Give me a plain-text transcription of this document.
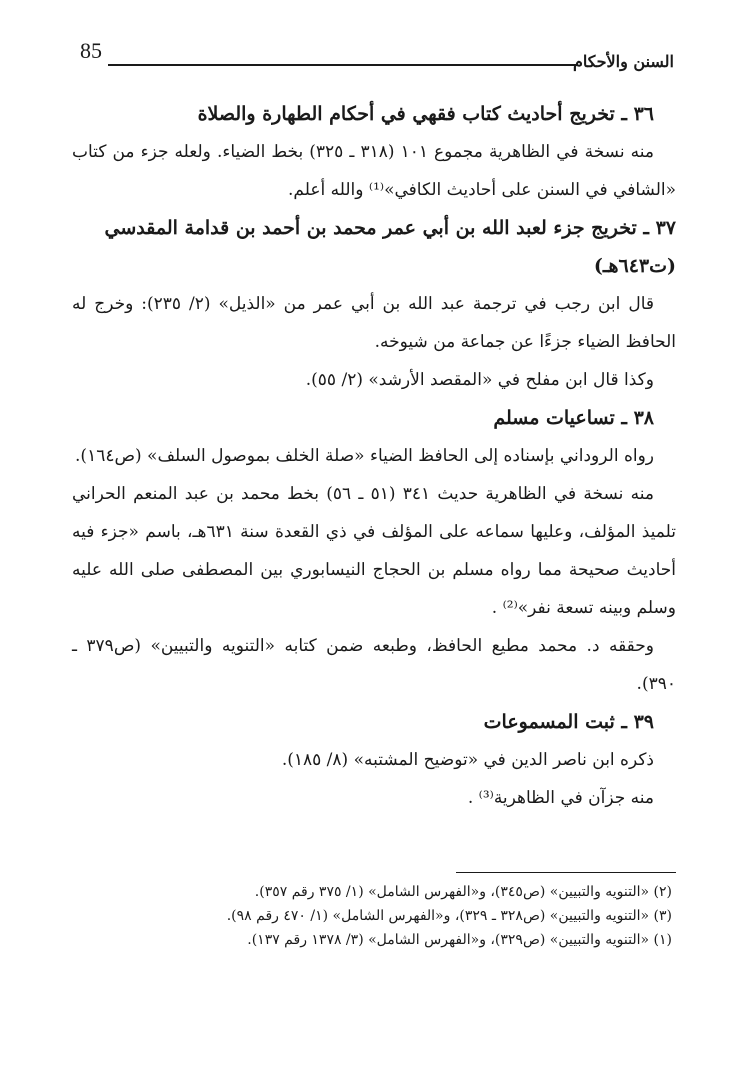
85	السنن والأحكام
٣٦ ـ تخريج أحاديث كتاب فقهي في أحكام الطهارة والصلاة

منه نسخة في الظاهرية مجموع ١٠١ (٣١٨ ـ ٣٢٥) بخط الضياء. ولعله جزء من كتاب «الشافي في السنن على أحاديث الكافي»⁽¹⁾ والله أعلم.

٣٧ ـ تخريج جزء لعبد الله بن أبي عمر محمد بن أحمد بن قدامة المقدسي (ت٦٤٣هـ)

قال ابن رجب في ترجمة عبد الله بن أبي عمر من «الذيل» (٢/ ٢٣٥): وخرج له الحافظ الضياء جزءًا عن جماعة من شيوخه.

وكذا قال ابن مفلح في «المقصد الأرشد» (٢/ ٥٥).

٣٨ ـ تساعيات مسلم

رواه الروداني بإسناده إلى الحافظ الضياء «صلة الخلف بموصول السلف» (ص١٦٤).

منه نسخة في الظاهرية حديث ٣٤١ (٥١ ـ ٥٦) بخط محمد بن عبد المنعم الحراني تلميذ المؤلف، وعليها سماعه على المؤلف في ذي القعدة سنة ٦٣١هـ، باسم «جزء فيه أحاديث صحيحة مما رواه مسلم بن الحجاج النيسابوري بين المصطفى صلى الله عليه وسلم وبينه تسعة نفر»⁽²⁾ .

وحققه د. محمد مطيع الحافظ، وطبعه ضمن كتابه «التنويه والتبيين» (ص٣٧٩ ـ ٣٩٠).

٣٩ ـ ثبت المسموعات

ذكره ابن ناصر الدين في «توضيح المشتبه» (٨/ ١٨٥).

منه جزآن في الظاهرية⁽³⁾ .

(٢) «التنويه والتبيين» (ص٣٤٥)، و«الفهرس الشامل» (١/ ٣٧٥ رقم ٣٥٧).
(٣) «التنويه والتبيين» (ص٣٢٨ ـ ٣٢٩)، و«الفهرس الشامل» (١/ ٤٧٠ رقم ٩٨).
(١) «التنويه والتبيين» (ص٣٢٩)، و«الفهرس الشامل» (٣/ ١٣٧٨ رقم ١٣٧).
